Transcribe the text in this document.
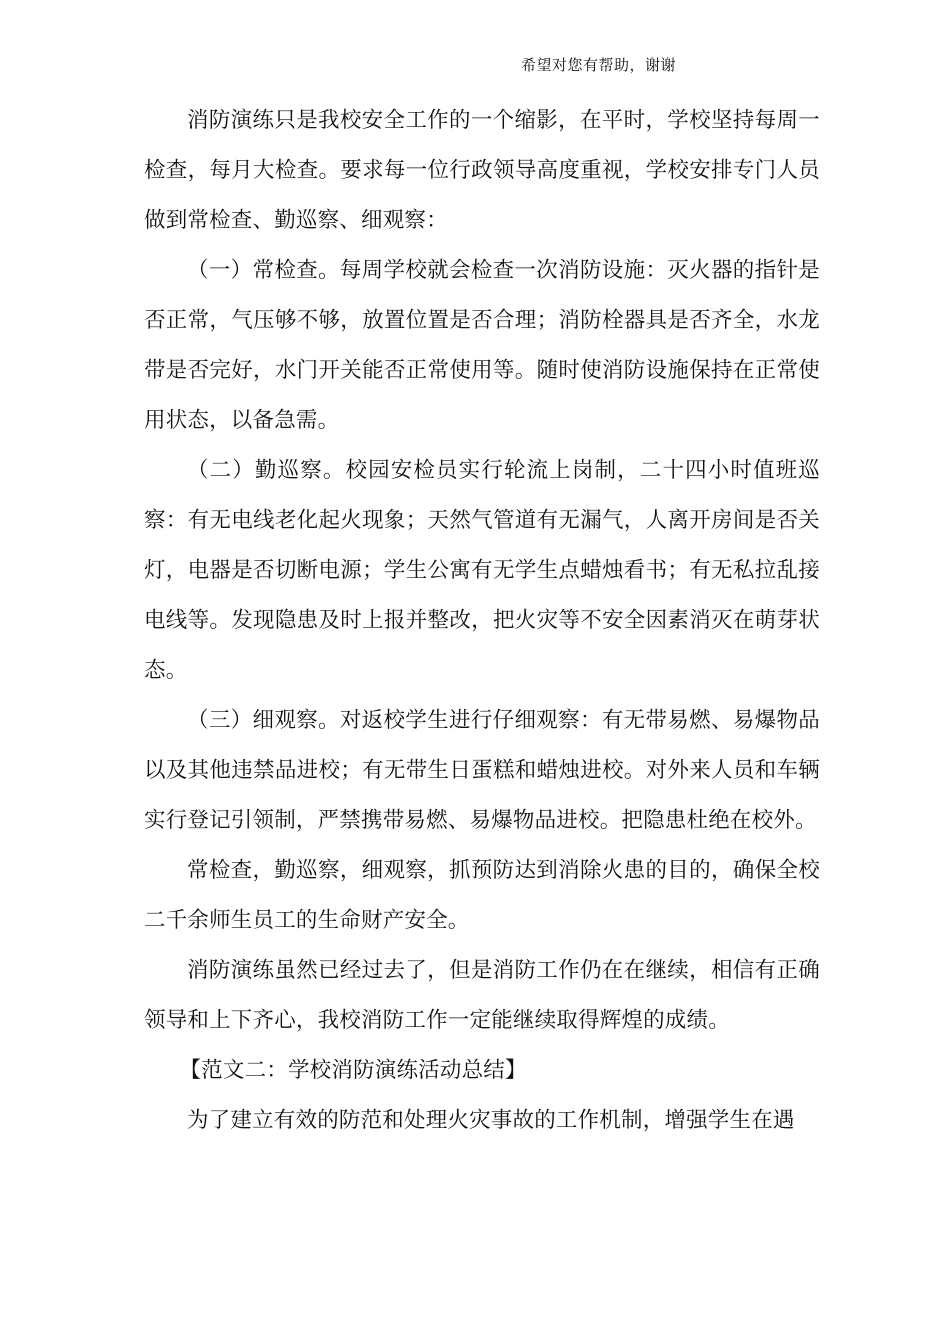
希望对您有帮助，谢谢

消防演练只是我校安全工作的一个缩影，在平时，学校坚持每周一检查，每月大检查。要求每一位行政领导高度重视，学校安排专门人员做到常检查、勤巡察、细观察：

（一）常检查。每周学校就会检查一次消防设施：灭火器的指针是否正常，气压够不够，放置位置是否合理；消防栓器具是否齐全，水龙带是否完好，水门开关能否正常使用等。随时使消防设施保持在正常使用状态，以备急需。

（二）勤巡察。校园安检员实行轮流上岗制，二十四小时值班巡察：有无电线老化起火现象；天然气管道有无漏气，人离开房间是否关灯，电器是否切断电源；学生公寓有无学生点蜡烛看书；有无私拉乱接电线等。发现隐患及时上报并整改，把火灾等不安全因素消灭在萌芽状态。

（三）细观察。对返校学生进行仔细观察：有无带易燃、易爆物品以及其他违禁品进校；有无带生日蛋糕和蜡烛进校。对外来人员和车辆实行登记引领制，严禁携带易燃、易爆物品进校。把隐患杜绝在校外。

常检查，勤巡察，细观察，抓预防达到消除火患的目的，确保全校二千余师生员工的生命财产安全。

消防演练虽然已经过去了，但是消防工作仍在在继续，相信有正确领导和上下齐心，我校消防工作一定能继续取得辉煌的成绩。

【范文二：学校消防演练活动总结】

为了建立有效的防范和处理火灾事故的工作机制，增强学生在遇
